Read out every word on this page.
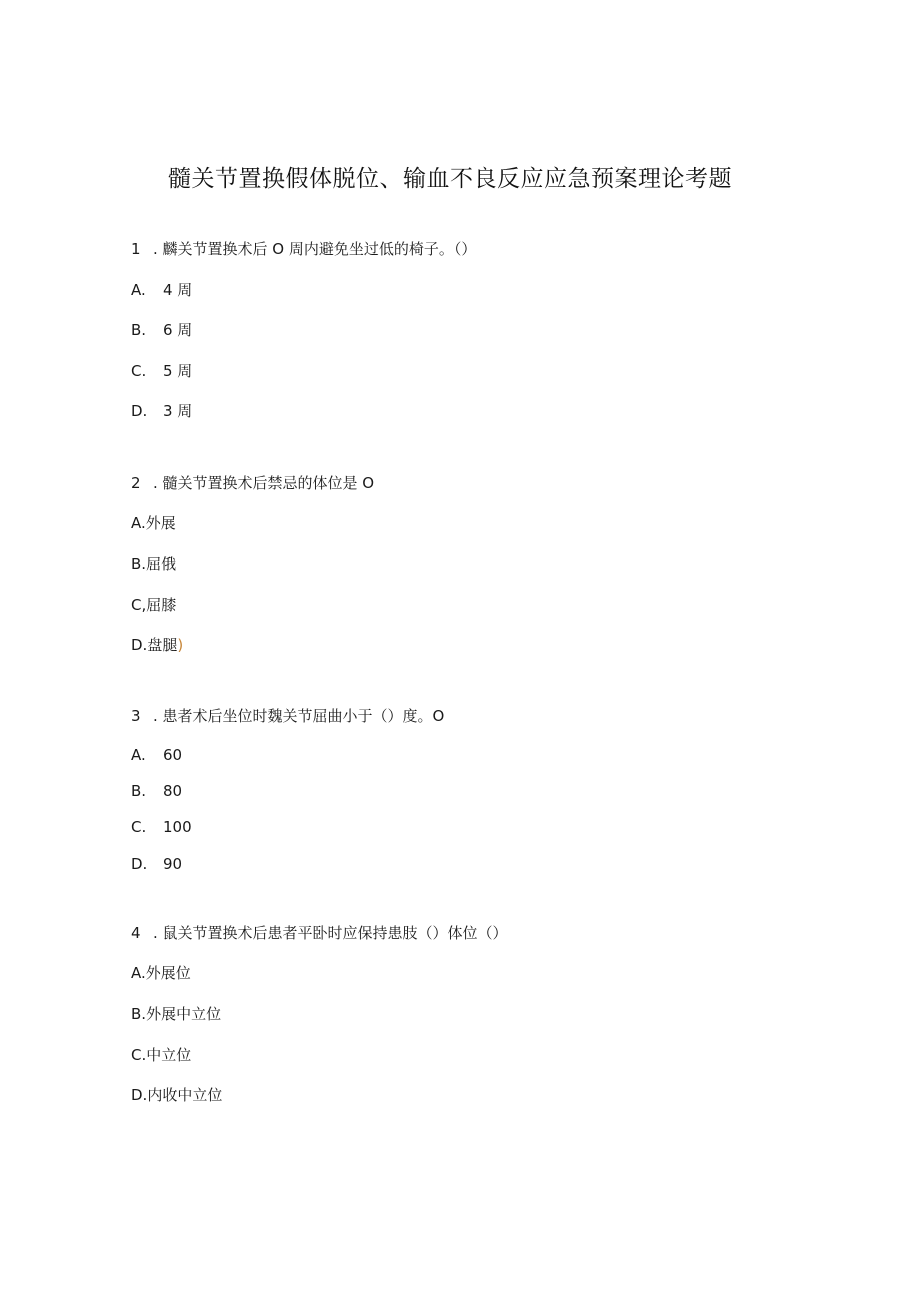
髓关节置换假体脱位、输血不良反应应急预案理论考题
1 . 麟关节置换术后 O 周内避免坐过低的椅子。（）
A. 4 周
B. 6 周
C. 5 周
D. 3 周
2 . 髓关节置换术后禁忌的体位是 O
A.外展
B.屈俄
C,屈膝
D.盘腿)
3 . 患者术后坐位时魏关节屈曲小于（）度。O
A. 60
B. 80
C. 100
D. 90
4 . 鼠关节置换术后患者平卧时应保持患肢（）体位（）
A.外展位
B.外展中立位
C.中立位
D.内收中立位
